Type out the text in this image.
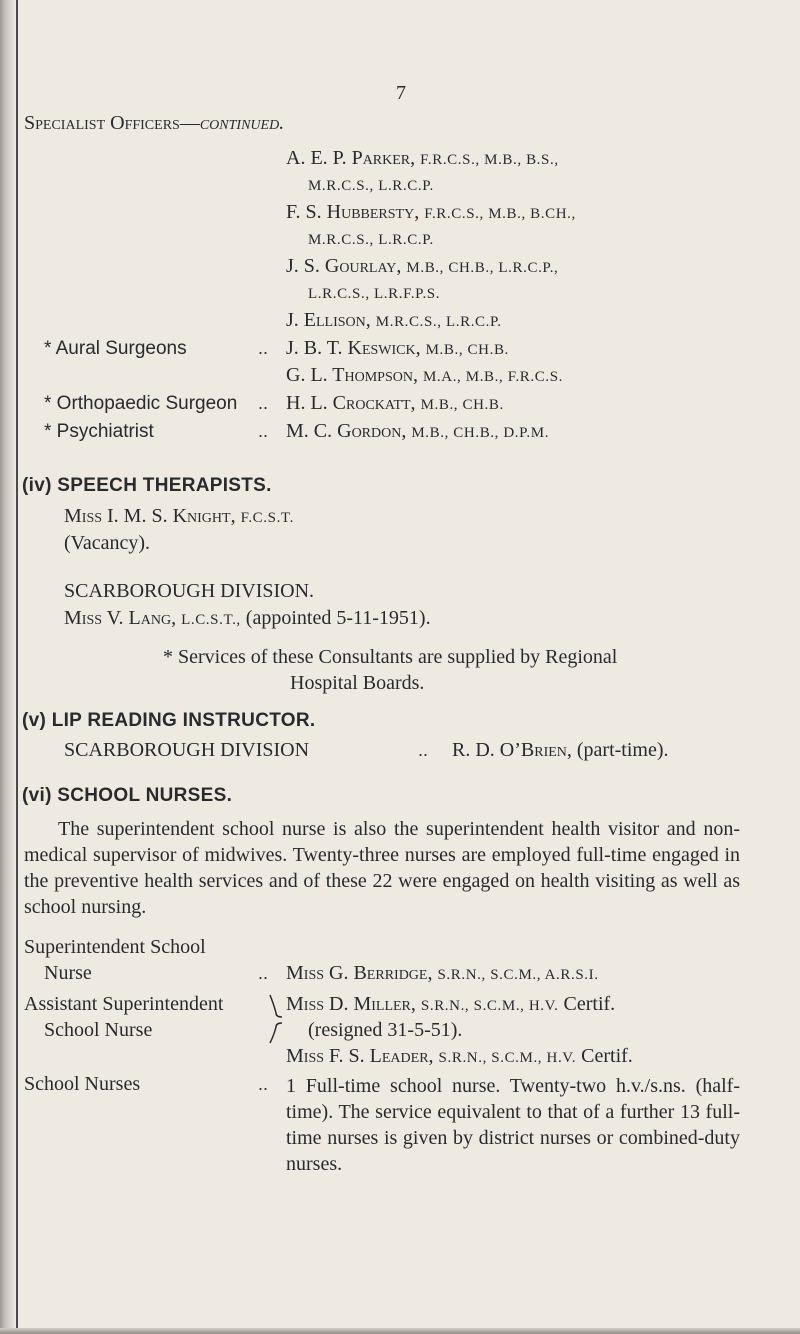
7
Specialist Officers—continued.
A. E. P. Parker, F.R.C.S., M.B., B.S.,
M.R.C.S., L.R.C.P.
F. S. Hubbersty, F.R.C.S., M.B., B.CH.,
M.R.C.S., L.R.C.P.
J. S. Gourlay, M.B., CH.B., L.R.C.P.,
L.R.C.S., L.R.F.P.S.
J. Ellison, M.R.C.S., L.R.C.P.
* Aural Surgeons	.. J. B. T. Keswick, M.B., CH.B.
G. L. Thompson, M.A., M.B., F.R.C.S.
* Orthopaedic Surgeon .. H. L. Crockatt, M.B., CH.B.
* Psychiatrist	.. M. C. Gordon, M.B., CH.B., D.P.M.
(iv) SPEECH THERAPISTS.
Miss I. M. S. Knight, F.C.S.T.
(Vacancy).
SCARBOROUGH DIVISION.
Miss V. Lang, L.C.S.T., (appointed 5-11-1951).
* Services of these Consultants are supplied by Regional
Hospital Boards.
(v) LIP READING INSTRUCTOR.
SCARBOROUGH DIVISION	.. R. D. O’Brien, (part-time).
(vi) SCHOOL NURSES.
The superintendent school nurse is also the superintendent health visitor and non-medical supervisor of midwives. Twenty-three nurses are employed full-time engaged in the preventive health services and of these 22 were engaged on health visiting as well as school nursing.
Superintendent School
Nurse	.. Miss G. Berridge, S.R.N., S.C.M., A.R.S.I.
Assistant Superintendent
School Nurse
Miss D. Miller, S.R.N., S.C.M., H.V. Certif.
(resigned 31-5-51).
Miss F. S. Leader, S.R.N., S.C.M., H.V. Certif.
School Nurses	.. 1 Full-time school nurse. Twenty-two h.v./s.ns. (half-time). The service equivalent to that of a further 13 full-time nurses is given by district nurses or combined-duty nurses.
